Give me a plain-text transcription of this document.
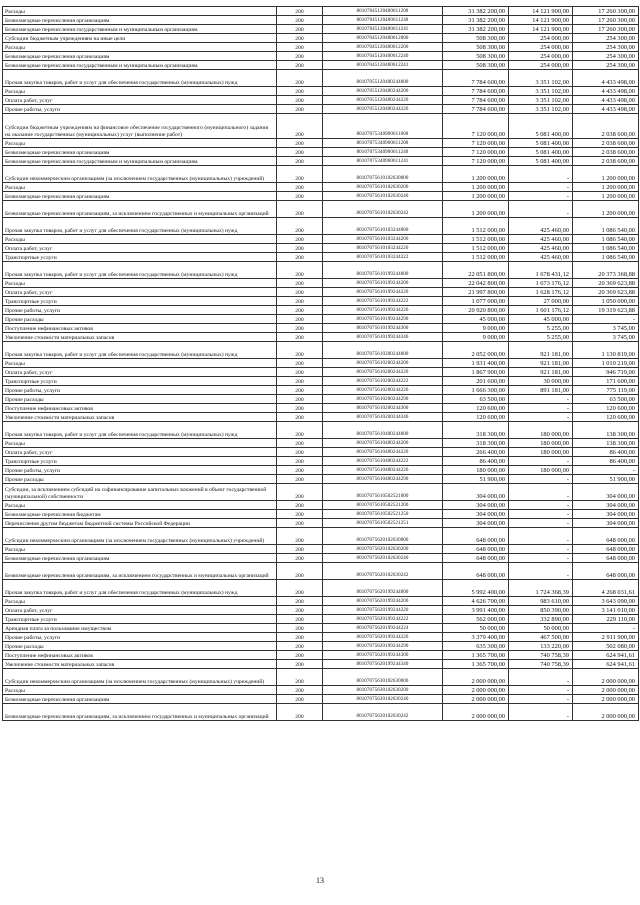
Расходы	200	80107045120400611200	31 382 200,00	14 121 900,00	17 260 300,00
Безвозмездные перечисления организациям	200	80107045120400611240	31 382 200,00	14 121 900,00	17 260 300,00
Безвозмездные перечисления государственным и муниципальным организациям	200	80107045120400611241	31 382 200,00	14 121 900,00	17 260 300,00
Субсидии бюджетным учреждениям на иные цели	200	80107045120400612000	508 300,00	254 000,00	254 300,00
Расходы	200	80107045120400612200	508 300,00	254 000,00	254 300,00
Безвозмездные перечисления организациям	200	80107045120400612240	508 300,00	254 000,00	254 300,00
Безвозмездные перечисления государственным и муниципальным организациям	200	80107045120400612241	508 300,00	254 000,00	254 300,00
Прочая закупка товаров, работ и услуг для обеспечения государственных (муниципальных) нужд	200	80107055120400244000	7 784 600,00	3 351 102,00	4 433 498,00
Расходы	200	80107055120400244200	7 784 600,00	3 351 102,00	4 433 498,00
Оплата работ, услуг	200	80107055120400244220	7 784 600,00	3 351 102,00	4 433 498,00
Прочие работы, услуги	200	80107055120400244226	7 784 600,00	3 351 102,00	4 433 498,00
Субсидии бюджетным учреждениям на финансовое обеспечение государственного (муниципального) задания на оказание государственных (муниципальных) услуг (выполнение работ)	200	80107075340900611000	7 120 000,00	5 081 400,00	2 038 600,00
Расходы	200	80107075340900611200	7 120 000,00	5 081 400,00	2 038 600,00
Безвозмездные перечисления организациям	200	80107075340900611240	7 120 000,00	5 081 400,00	2 038 600,00
Безвозмездные перечисления государственным и муниципальным организациям	200	80107075340900611241	7 120 000,00	5 081 400,00	2 038 600,00
Субсидии некоммерческим организациям (за исключением государственных (муниципальных) учреждений)	200	80107075610102630000	1 200 000,00	-	1 200 000,00
Расходы	200	80107075610102630200	1 200 000,00	-	1 200 000,00
Безвозмездные перечисления организациям	200	80107075610102630240	1 200 000,00	-	1 200 000,00
Безвозмездные перечисления организациям, за исключением государственных и муниципальных организаций	200	80107075610102630242	1 200 000,00	-	1 200 000,00
Прочая закупка товаров, работ и услуг для обеспечения государственных (муниципальных) нужд	200	80107075610103244000	1 512 000,00	425 460,00	1 086 540,00
Расходы	200	80107075610103244200	1 512 000,00	425 460,00	1 086 540,00
Оплата работ, услуг	200	80107075610103244220	1 512 000,00	425 460,00	1 086 540,00
Транспортные услуги	200	80107075610103244222	1 512 000,00	425 460,00	1 086 540,00
Прочая закупка товаров, работ и услуг для обеспечения государственных (муниципальных) нужд	200	80107075610199244000	22 051 800,00	1 678 431,12	20 373 368,88
Расходы	200	80107075610199244200	22 042 800,00	1 673 176,12	20 369 623,88
Оплата работ, услуг	200	80107075610199244220	21 997 800,00	1 628 176,12	20 369 623,88
Транспортные услуги	200	80107075610199244222	1 077 000,00	27 000,00	1 050 000,00
Прочие работы, услуги	200	80107075610199244226	20 920 800,00	1 601 176,12	19 319 623,88
Прочие расходы	200	80107075610199244290	45 000,00	45 000,00	-
Поступление нефинансовых активов	200	80107075610199244300	9 000,00	5 255,00	3 745,00
Увеличение стоимости материальных запасов	200	80107075610199244340	9 000,00	5 255,00	3 745,00
Прочая закупка товаров, работ и услуг для обеспечения государственных (муниципальных) нужд	200	80107075610200244000	2 052 000,00	921 181,00	1 130 819,00
Расходы	200	80107075610200244200	1 931 400,00	921 181,00	1 010 219,00
Оплата работ, услуг	200	80107075610200244220	1 867 900,00	921 181,00	946 719,00
Транспортные услуги	200	80107075610200244222	201 600,00	30 000,00	171 600,00
Прочие работы, услуги	200	80107075610200244226	1 666 300,00	891 181,00	775 119,00
Прочие расходы	200	80107075610200244290	63 500,00	-	63 500,00
Поступление нефинансовых активов	200	80107075610200244300	120 600,00	-	120 600,00
Увеличение стоимости материальных запасов	200	80107075610200244340	120 600,00	-	120 600,00
Прочая закупка товаров, работ и услуг для обеспечения государственных (муниципальных) нужд	200	80107075610400244000	318 300,00	180 000,00	138 300,00
Расходы	200	80107075610400244200	318 300,00	180 000,00	138 300,00
Оплата работ, услуг	200	80107075610400244220	266 400,00	180 000,00	86 400,00
Транспортные услуги	200	80107075610400244222	86 400,00	-	86 400,00
Прочие работы, услуги	200	80107075610400244226	180 000,00	180 000,00	-
Прочие расходы	200	80107075610400244290	51 900,00	-	51 900,00
Субсидии, за исключением субсидий на софинансирование капитальных вложений в объект государственной (муниципальной) собственности	200	80107075610502521000	304 000,00	-	304 000,00
Расходы	200	80107075610502521200	304 000,00	-	304 000,00
Безвозмездные перечисления бюджетам	200	80107075610502521250	304 000,00	-	304 000,00
Перечисления другим бюджетам бюджетной системы Российской Федерации	200	80107075610502521251	304 000,00	-	304 000,00
Субсидии некоммерческим организациям (за исключением государственных (муниципальных) учреждений)	200	80107075620102630000	648 000,00	-	648 000,00
Расходы	200	80107075620102630200	648 000,00	-	648 000,00
Безвозмездные перечисления организациям	200	80107075620102630240	648 000,00	-	648 000,00
Безвозмездные перечисления организациям, за исключением государственных и муниципальных организаций	200	80107075620102630242	648 000,00	-	648 000,00
Прочая закупка товаров, работ и услуг для обеспечения государственных (муниципальных) нужд	200	80107075620199244000	5 992 400,00	1 724 368,39	4 268 031,61
Расходы	200	80107075620199244200	4 626 700,00	983 610,00	3 643 090,00
Оплата работ, услуг	200	80107075620199244220	3 991 400,00	850 390,00	3 141 010,00
Транспортные услуги	200	80107075620199244222	562 000,00	332 890,00	229 110,00
Арендная плата за пользование имуществом	200	80107075620199244224	50 000,00	50 000,00	-
Прочие работы, услуги	200	80107075620199244226	3 379 400,00	467 500,00	2 911 900,00
Прочие расходы	200	80107075620199244290	635 300,00	133 220,00	502 080,00
Поступление нефинансовых активов	200	80107075620199244300	1 365 700,00	740 758,39	624 941,61
Увеличение стоимости материальных запасов	200	80107075620199244340	1 365 700,00	740 758,39	624 941,61
Субсидии некоммерческим организациям (за исключением государственных (муниципальных) учреждений)	200	80107075630102630000	2 000 000,00	-	2 000 000,00
Расходы	200	80107075630102630200	2 000 000,00	-	2 000 000,00
Безвозмездные перечисления организациям	200	80107075630102630240	2 000 000,00	-	2 000 000,00
Безвозмездные перечисления организациям, за исключением государственных и муниципальных организаций	200	80107075630102630242	2 000 000,00	-	2 000 000,00
13
